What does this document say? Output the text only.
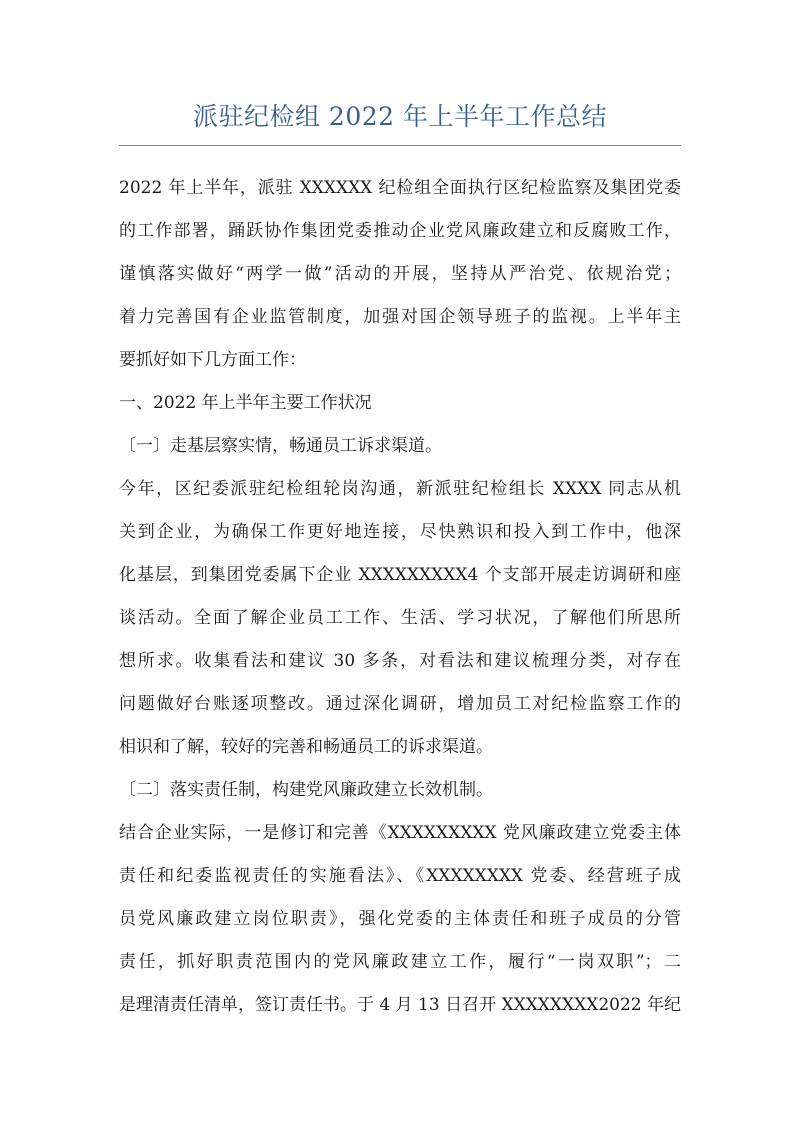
派驻纪检组 2022 年上半年工作总结
2022 年上半年，派驻 XXXXXX 纪检组全面执行区纪检监察及集团党委
的工作部署，踊跃协作集团党委推动企业党风廉政建立和反腐败工作，
谨慎落实做好“两学一做”活动的开展，坚持从严治党、依规治党；
着力完善国有企业监管制度，加强对国企领导班子的监视。上半年主
要抓好如下几方面工作：
一、2022 年上半年主要工作状况
〔一〕走基层察实情，畅通员工诉求渠道。
今年，区纪委派驻纪检组轮岗沟通，新派驻纪检组长 XXXX 同志从机
关到企业，为确保工作更好地连接，尽快熟识和投入到工作中，他深
化基层，到集团党委属下企业 XXXXXXXXX4 个支部开展走访调研和座
谈活动。全面了解企业员工工作、生活、学习状况，了解他们所思所
想所求。收集看法和建议 30 多条，对看法和建议梳理分类，对存在
问题做好台账逐项整改。通过深化调研，增加员工对纪检监察工作的
相识和了解，较好的完善和畅通员工的诉求渠道。
〔二〕落实责任制，构建党风廉政建立长效机制。
结合企业实际，一是修订和完善《XXXXXXXXX 党风廉政建立党委主体
责任和纪委监视责任的实施看法》、《XXXXXXXX 党委、经营班子成
员党风廉政建立岗位职责》，强化党委的主体责任和班子成员的分管
责任，抓好职责范围内的党风廉政建立工作，履行“一岗双职”；二
是理清责任清单，签订责任书。于 4 月 13 日召开 XXXXXXXX2022 年纪
